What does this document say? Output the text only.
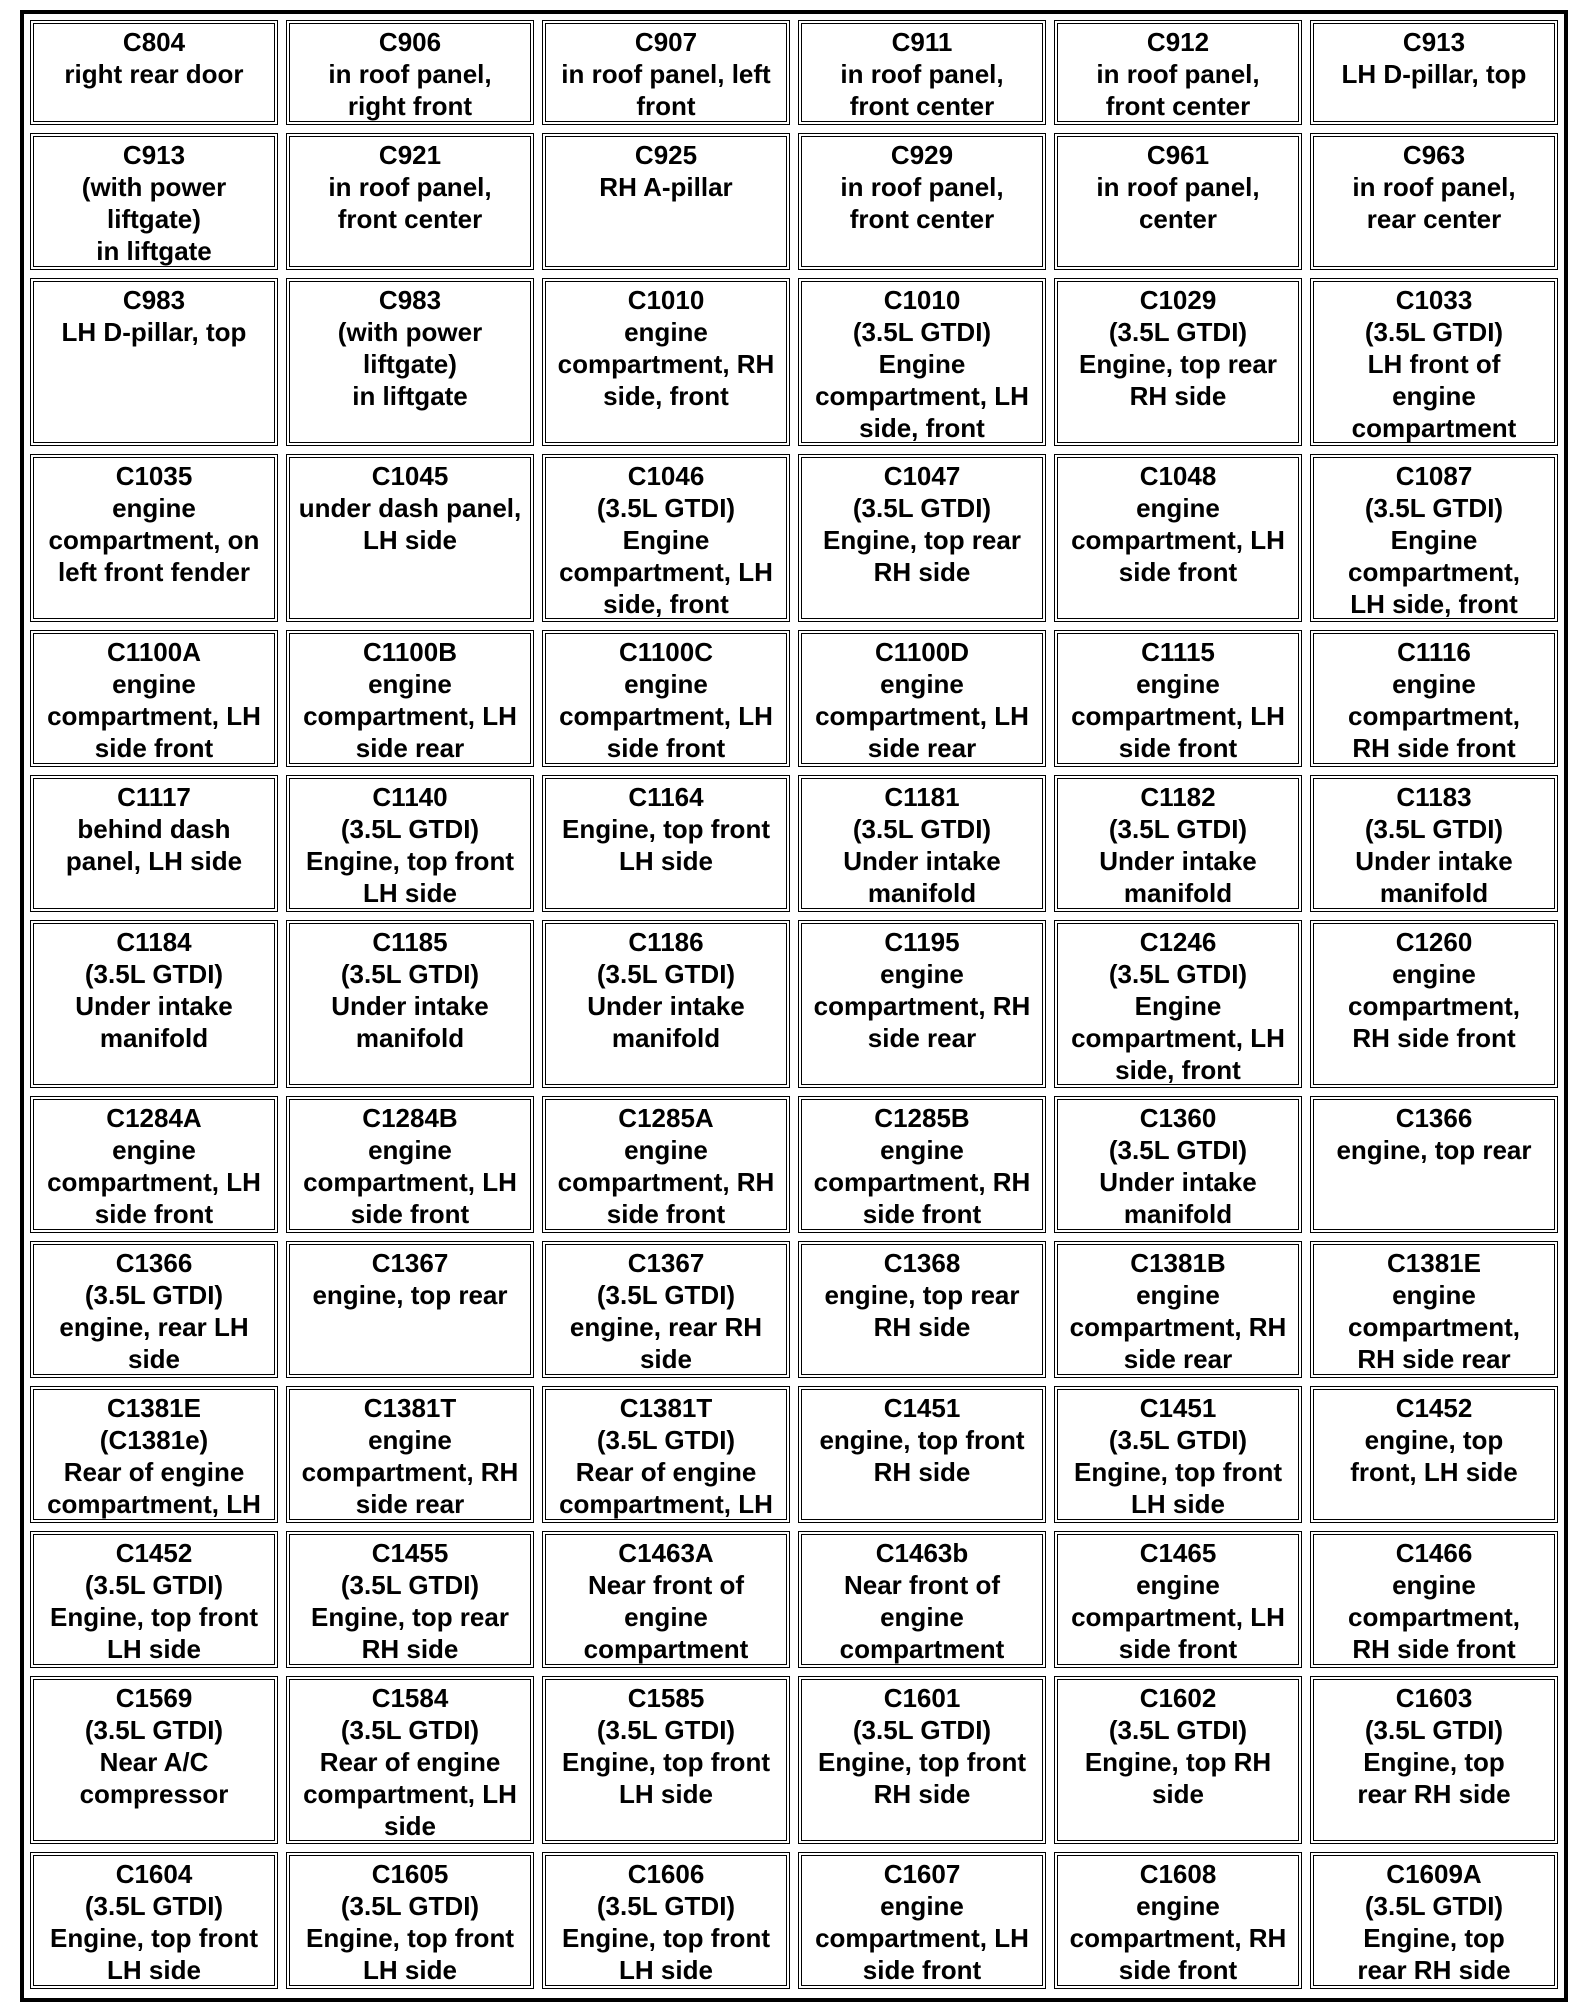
C804
right rear door
C906
in roof panel,
right front
C907
in roof panel, left
front
C911
in roof panel,
front center
C912
in roof panel,
front center
C913
LH D-pillar, top
C913
(with power
liftgate)
in liftgate
C921
in roof panel,
front center
C925
RH A-pillar
C929
in roof panel,
front center
C961
in roof panel,
center
C963
in roof panel,
rear center
C983
LH D-pillar, top
C983
(with power
liftgate)
in liftgate
C1010
engine
compartment, RH
side, front
C1010
(3.5L GTDI)
Engine
compartment, LH
side, front
C1029
(3.5L GTDI)
Engine, top rear
RH side
C1033
(3.5L GTDI)
LH front of
engine
compartment
C1035
engine
compartment, on
left front fender
C1045
under dash panel,
LH side
C1046
(3.5L GTDI)
Engine
compartment, LH
side, front
C1047
(3.5L GTDI)
Engine, top rear
RH side
C1048
engine
compartment, LH
side front
C1087
(3.5L GTDI)
Engine
compartment,
LH side, front
C1100A
engine
compartment, LH
side front
C1100B
engine
compartment, LH
side rear
C1100C
engine
compartment, LH
side front
C1100D
engine
compartment, LH
side rear
C1115
engine
compartment, LH
side front
C1116
engine
compartment,
RH side front
C1117
behind dash
panel, LH side
C1140
(3.5L GTDI)
Engine, top front
LH side
C1164
Engine, top front
LH side
C1181
(3.5L GTDI)
Under intake
manifold
C1182
(3.5L GTDI)
Under intake
manifold
C1183
(3.5L GTDI)
Under intake
manifold
C1184
(3.5L GTDI)
Under intake
manifold
C1185
(3.5L GTDI)
Under intake
manifold
C1186
(3.5L GTDI)
Under intake
manifold
C1195
engine
compartment, RH
side rear
C1246
(3.5L GTDI)
Engine
compartment, LH
side, front
C1260
engine
compartment,
RH side front
C1284A
engine
compartment, LH
side front
C1284B
engine
compartment, LH
side front
C1285A
engine
compartment, RH
side front
C1285B
engine
compartment, RH
side front
C1360
(3.5L GTDI)
Under intake
manifold
C1366
engine, top rear
C1366
(3.5L GTDI)
engine, rear LH
side
C1367
engine, top rear
C1367
(3.5L GTDI)
engine, rear RH
side
C1368
engine, top rear
RH side
C1381B
engine
compartment, RH
side rear
C1381E
engine
compartment,
RH side rear
C1381E
(C1381e)
Rear of engine
compartment, LH
C1381T
engine
compartment, RH
side rear
C1381T
(3.5L GTDI)
Rear of engine
compartment, LH
C1451
engine, top front
RH side
C1451
(3.5L GTDI)
Engine, top front
LH side
C1452
engine, top
front, LH side
C1452
(3.5L GTDI)
Engine, top front
LH side
C1455
(3.5L GTDI)
Engine, top rear
RH side
C1463A
Near front of
engine
compartment
C1463b
Near front of
engine
compartment
C1465
engine
compartment, LH
side front
C1466
engine
compartment,
RH side front
C1569
(3.5L GTDI)
Near A/C
compressor
C1584
(3.5L GTDI)
Rear of engine
compartment, LH
side
C1585
(3.5L GTDI)
Engine, top front
LH side
C1601
(3.5L GTDI)
Engine, top front
RH side
C1602
(3.5L GTDI)
Engine, top RH
side
C1603
(3.5L GTDI)
Engine, top
rear RH side
C1604
(3.5L GTDI)
Engine, top front
LH side
C1605
(3.5L GTDI)
Engine, top front
LH side
C1606
(3.5L GTDI)
Engine, top front
LH side
C1607
engine
compartment, LH
side front
C1608
engine
compartment, RH
side front
C1609A
(3.5L GTDI)
Engine, top
rear RH side
